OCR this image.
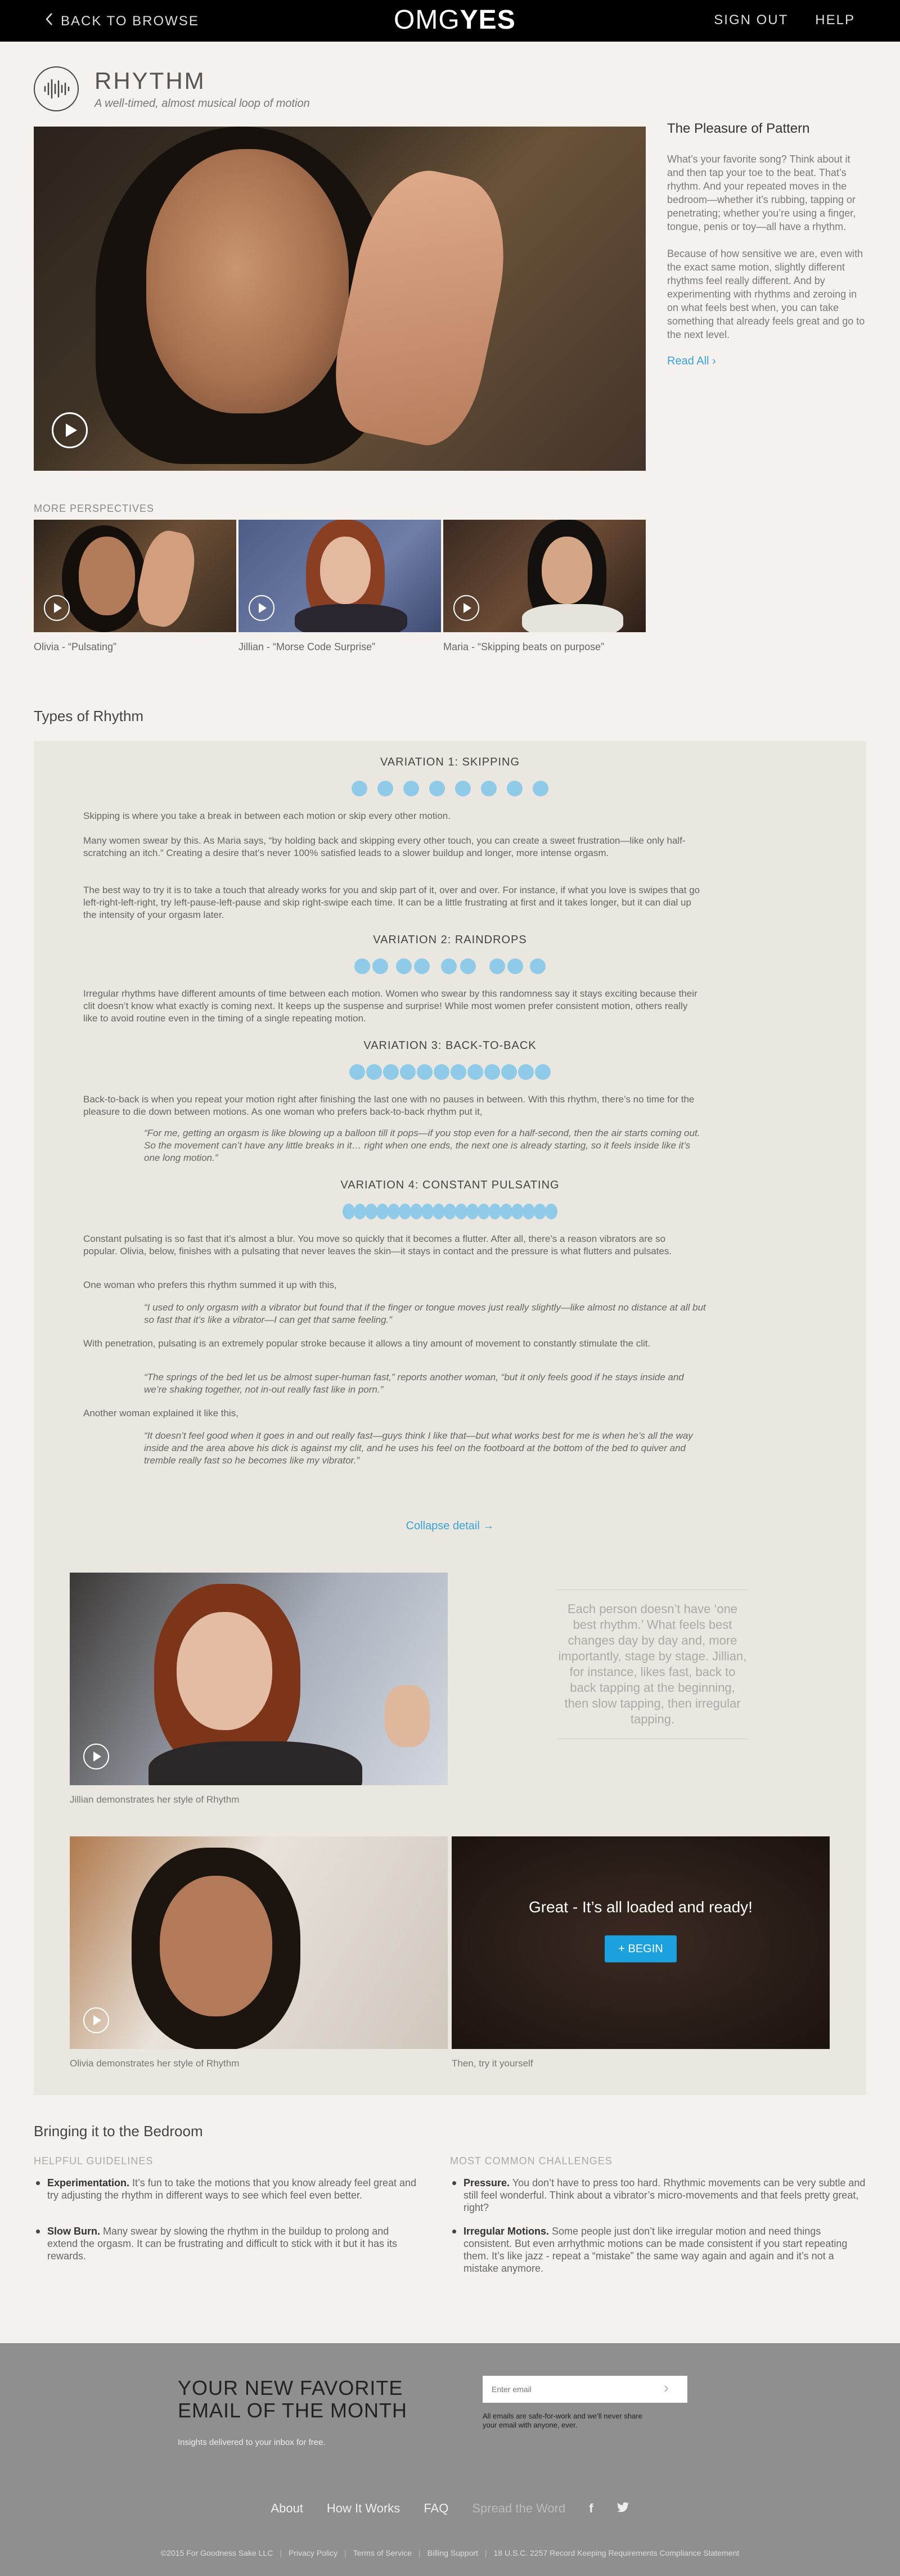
BACK TO BROWSE	OMGYES	SIGN OUT HELP
RHYTHM
A well-timed, almost musical loop of motion
The Pleasure of Pattern

What’s your favorite song? Think about it and then tap your toe to the beat. That’s rhythm. And your repeated moves in the bedroom—whether it’s rubbing, tapping or penetrating; whether you’re using a finger, tongue, penis or toy—all have a rhythm.

Because of how sensitive we are, even with the exact same motion, slightly different rhythms feel really different. And by experimenting with rhythms and zeroing in on what feels best when, you can take something that already feels great and go to the next level.

Read All ›
MORE PERSPECTIVES
Olivia - “Pulsating”	Jillian - “Morse Code Surprise”	Maria - “Skipping beats on purpose”
Types of Rhythm
VARIATION 1: SKIPPING
Skipping is where you take a break in between each motion or skip every other motion.
Many women swear by this. As Maria says, “by holding back and skipping every other touch, you can create a sweet frustration—like only half-scratching an itch.” Creating a desire that’s never 100% satisfied leads to a slower buildup and longer, more intense orgasm.
The best way to try it is to take a touch that already works for you and skip part of it, over and over. For instance, if what you love is swipes that go left-right-left-right, try left-pause-left-pause and skip right-swipe each time. It can be a little frustrating at first and it takes longer, but it can dial up the intensity of your orgasm later.
VARIATION 2: RAINDROPS
Irregular rhythms have different amounts of time between each motion. Women who swear by this randomness say it stays exciting because their clit doesn’t know what exactly is coming next. It keeps up the suspense and surprise! While most women prefer consistent motion, others really like to avoid routine even in the timing of a single repeating motion.
VARIATION 3: BACK-TO-BACK
Back-to-back is when you repeat your motion right after finishing the last one with no pauses in between. With this rhythm, there’s no time for the pleasure to die down between motions. As one woman who prefers back-to-back rhythm put it,
“For me, getting an orgasm is like blowing up a balloon till it pops—if you stop even for a half-second, then the air starts coming out. So the movement can’t have any little breaks in it… right when one ends, the next one is already starting, so it feels inside like it’s one long motion.”
VARIATION 4: CONSTANT PULSATING
Constant pulsating is so fast that it’s almost a blur. You move so quickly that it becomes a flutter. After all, there’s a reason vibrators are so popular. Olivia, below, finishes with a pulsating that never leaves the skin—it stays in contact and the pressure is what flutters and pulsates.
One woman who prefers this rhythm summed it up with this,
“I used to only orgasm with a vibrator but found that if the finger or tongue moves just really slightly—like almost no distance at all but so fast that it’s like a vibrator—I can get that same feeling.”
With penetration, pulsating is an extremely popular stroke because it allows a tiny amount of movement to constantly stimulate the clit.
“The springs of the bed let us be almost super-human fast,” reports another woman, “but it only feels good if he stays inside and we’re shaking together, not in-out really fast like in porn.”
Another woman explained it like this,
“It doesn’t feel good when it goes in and out really fast—guys think I like that—but what works best for me is when he’s all the way inside and the area above his dick is against my clit, and he uses his feel on the footboard at the bottom of the bed to quiver and tremble really fast so he becomes like my vibrator.”
Collapse detail →
Each person doesn’t have ‘one best rhythm.’ What feels best changes day by day and, more importantly, stage by stage. Jillian, for instance, likes fast, back to back tapping at the beginning, then slow tapping, then irregular tapping.
Jillian demonstrates her style of Rhythm
Olivia demonstrates her style of Rhythm
Great - It’s all loaded and ready!
+ BEGIN
Then, try it yourself
Bringing it to the Bedroom
HELPFUL GUIDELINES	MOST COMMON CHALLENGES
Experimentation. It’s fun to take the motions that you know already feel great and try adjusting the rhythm in different ways to see which feel even better.
Slow Burn. Many swear by slowing the rhythm in the buildup to prolong and extend the orgasm. It can be frustrating and difficult to stick with it but it has its rewards.
Pressure. You don’t have to press too hard. Rhythmic movements can be very subtle and still feel wonderful. Think about a vibrator’s micro-movements and that feels pretty great, right?
Irregular Motions. Some people just don’t like irregular motion and need things consistent. But even arrhythmic motions can be made consistent if you start repeating them. It’s like jazz - repeat a “mistake” the same way again and again and it’s not a mistake anymore.
YOUR NEW FAVORITE EMAIL OF THE MONTH
Insights delivered to your inbox for free.
Enter email
›
All emails are safe-for-work and we’ll never share your email with anyone, ever.
About How It Works FAQ Spread the Word f
©2015 For Goodness Sake LLC | Privacy Policy | Terms of Service | Billing Support | 18 U.S.C. 2257 Record Keeping Requirements Compliance Statement
